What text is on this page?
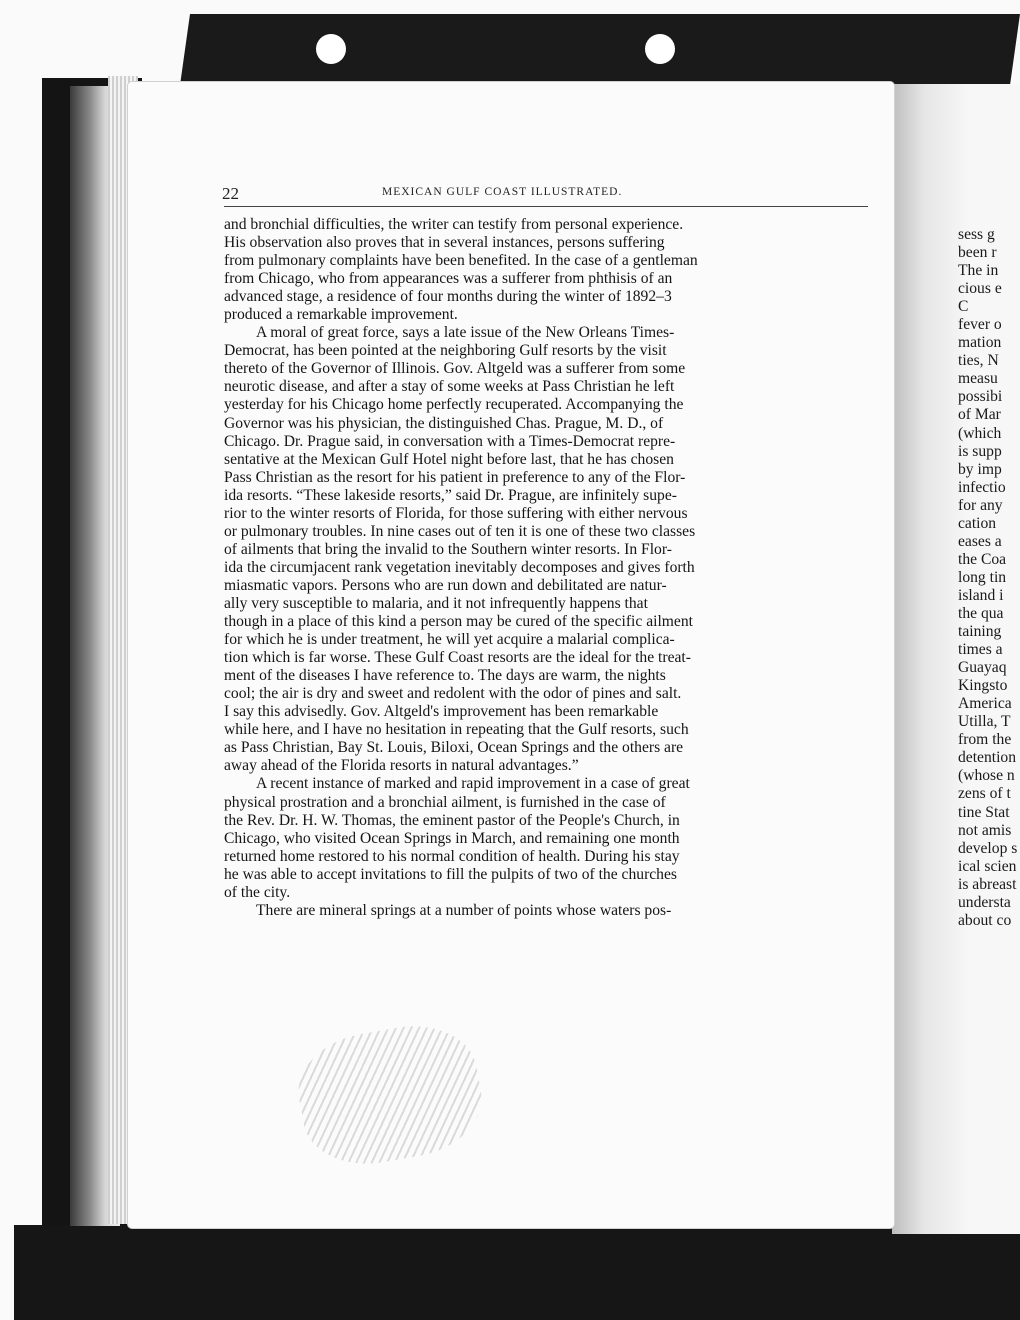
sess g
been r
The in
cious e
C
fever o
mation
ties, N
measu
possibi
of Mar
(which
is supp
by imp
infectio
for any
cation
eases a
the Coa
long tin
island i
the qua
taining
times a
Guayaq
Kingsto
America
Utilla, T
from the
detention
(whose n
zens of t
tine Stat
not amis
develop s
ical scien
is abreast
understa
about co
22	MEXICAN GULF COAST ILLUSTRATED.
and bronchial difficulties, the writer can testify from personal experience.
His observation also proves that in several instances, persons suffering
from pulmonary complaints have been benefited. In the case of a gentleman
from Chicago, who from appearances was a sufferer from phthisis of an
advanced stage, a residence of four months during the winter of 1892–3
produced a remarkable improvement.
A moral of great force, says a late issue of the New Orleans Times-
Democrat, has been pointed at the neighboring Gulf resorts by the visit
thereto of the Governor of Illinois. Gov. Altgeld was a sufferer from some
neurotic disease, and after a stay of some weeks at Pass Christian he left
yesterday for his Chicago home perfectly recuperated. Accompanying the
Governor was his physician, the distinguished Chas. Prague, M. D., of
Chicago. Dr. Prague said, in conversation with a Times-Democrat repre-
sentative at the Mexican Gulf Hotel night before last, that he has chosen
Pass Christian as the resort for his patient in preference to any of the Flor-
ida resorts. “These lakeside resorts,” said Dr. Prague, are infinitely supe-
rior to the winter resorts of Florida, for those suffering with either nervous
or pulmonary troubles. In nine cases out of ten it is one of these two classes
of ailments that bring the invalid to the Southern winter resorts. In Flor-
ida the circumjacent rank vegetation inevitably decomposes and gives forth
miasmatic vapors. Persons who are run down and debilitated are natur-
ally very susceptible to malaria, and it not infrequently happens that
though in a place of this kind a person may be cured of the specific ailment
for which he is under treatment, he will yet acquire a malarial complica-
tion which is far worse. These Gulf Coast resorts are the ideal for the treat-
ment of the diseases I have reference to. The days are warm, the nights
cool; the air is dry and sweet and redolent with the odor of pines and salt.
I say this advisedly. Gov. Altgeld's improvement has been remarkable
while here, and I have no hesitation in repeating that the Gulf resorts, such
as Pass Christian, Bay St. Louis, Biloxi, Ocean Springs and the others are
away ahead of the Florida resorts in natural advantages.”
A recent instance of marked and rapid improvement in a case of great
physical prostration and a bronchial ailment, is furnished in the case of
the Rev. Dr. H. W. Thomas, the eminent pastor of the People's Church, in
Chicago, who visited Ocean Springs in March, and remaining one month
returned home restored to his normal condition of health. During his stay
he was able to accept invitations to fill the pulpits of two of the churches
of the city.
There are mineral springs at a number of points whose waters pos-
